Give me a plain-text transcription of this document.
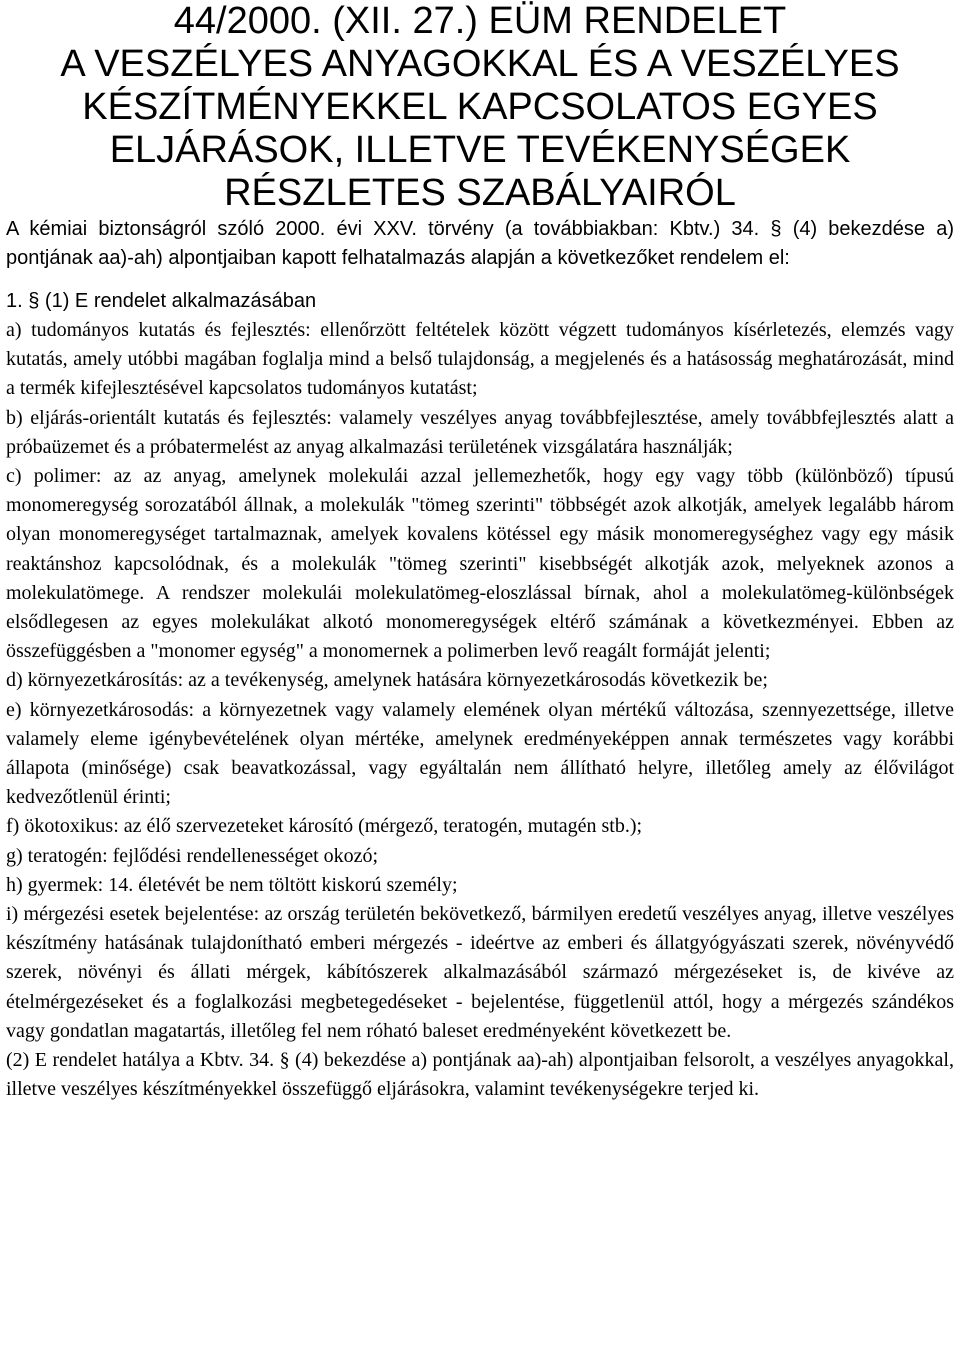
44/2000. (XII. 27.) EÜM RENDELET
A VESZÉLYES ANYAGOKKAL ÉS A VESZÉLYES
KÉSZÍTMÉNYEKKEL KAPCSOLATOS EGYES
ELJÁRÁSOK, ILLETVE TEVÉKENYSÉGEK
RÉSZLETES SZABÁLYAIRÓL

A kémiai biztonságról szóló 2000. évi XXV. törvény (a továbbiakban: Kbtv.) 34. § (4) bekezdése a) pontjának aa)-ah) alpontjaiban kapott felhatalmazás alapján a következőket rendelem el:

1. § (1) E rendelet alkalmazásában

a) tudományos kutatás és fejlesztés: ellenőrzött feltételek között végzett tudományos kísérletezés, elemzés vagy kutatás, amely utóbbi magában foglalja mind a belső tulajdonság, a megjelenés és a hatásosság meghatározását, mind a termék kifejlesztésével kapcsolatos tudományos kutatást;

b) eljárás-orientált kutatás és fejlesztés: valamely veszélyes anyag továbbfejlesztése, amely továbbfejlesztés alatt a próbaüzemet és a próbatermelést az anyag alkalmazási területének vizsgálatára használják;

c) polimer: az az anyag, amelynek molekulái azzal jellemezhetők, hogy egy vagy több (különböző) típusú monomeregység sorozatából állnak, a molekulák "tömeg szerinti" többségét azok alkotják, amelyek legalább három olyan monomeregységet tartalmaznak, amelyek kovalens kötéssel egy másik monomeregységhez vagy egy másik reaktánshoz kapcsolódnak, és a molekulák "tömeg szerinti" kisebbségét alkotják azok, melyeknek azonos a molekulatömege. A rendszer molekulái molekulatömeg-eloszlással bírnak, ahol a molekulatömeg-különbségek elsődlegesen az egyes molekulákat alkotó monomeregységek eltérő számának a következményei. Ebben az összefüggésben a "monomer egység" a monomernek a polimerben levő reagált formáját jelenti;

d) környezetkárosítás: az a tevékenység, amelynek hatására környezetkárosodás következik be;

e) környezetkárosodás: a környezetnek vagy valamely elemének olyan mértékű változása, szennyezettsége, illetve valamely eleme igénybevételének olyan mértéke, amelynek eredményeképpen annak természetes vagy korábbi állapota (minősége) csak beavatkozással, vagy egyáltalán nem állítható helyre, illetőleg amely az élővilágot kedvezőtlenül érinti;

f) ökotoxikus: az élő szervezeteket károsító (mérgező, teratogén, mutagén stb.);

g) teratogén: fejlődési rendellenességet okozó;

h) gyermek: 14. életévét be nem töltött kiskorú személy;

i) mérgezési esetek bejelentése: az ország területén bekövetkező, bármilyen eredetű veszélyes anyag, illetve veszélyes készítmény hatásának tulajdonítható emberi mérgezés - ideértve az emberi és állatgyógyászati szerek, növényvédő szerek, növényi és állati mérgek, kábítószerek alkalmazásából származó mérgezéseket is, de kivéve az ételmérgezéseket és a foglalkozási megbetegedéseket - bejelentése, függetlenül attól, hogy a mérgezés szándékos vagy gondatlan magatartás, illetőleg fel nem róható baleset eredményeként következett be.

(2) E rendelet hatálya a Kbtv. 34. § (4) bekezdése a) pontjának aa)-ah) alpontjaiban felsorolt, a veszélyes anyagokkal, illetve veszélyes készítményekkel összefüggő eljárásokra, valamint tevékenységekre terjed ki.
